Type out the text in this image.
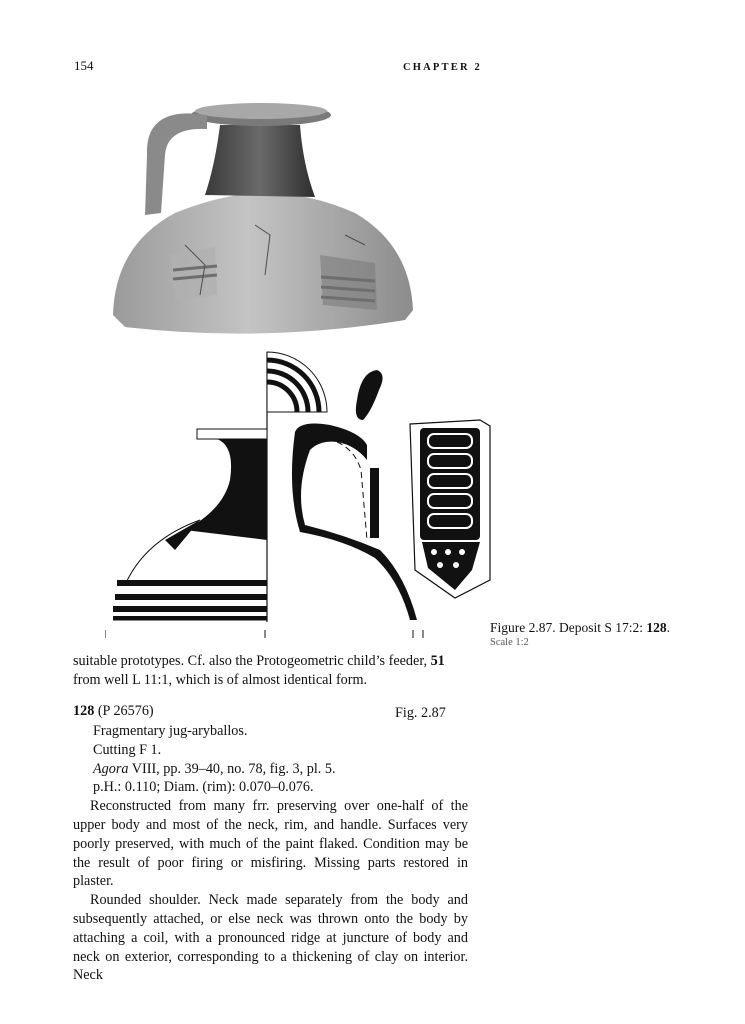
154	CHAPTER 2
Figure 2.87. Deposit S 17:2: 128.
Scale 1:2
suitable prototypes. Cf. also the Protogeometric child’s feeder, 51 from well L 11:1, which is of almost identical form.
128 (P 26576)	Fig. 2.87
Fragmentary jug-aryballos.
Cutting F 1.
Agora VIII, pp. 39–40, no. 78, fig. 3, pl. 5.
p.H.: 0.110; Diam. (rim): 0.070–0.076.

Reconstructed from many frr. preserving over one-half of the upper body and most of the neck, rim, and handle. Surfaces very poorly preserved, with much of the paint flaked. Condition may be the result of poor firing or misfiring. Missing parts restored in plaster.

Rounded shoulder. Neck made separately from the body and subsequently attached, or else neck was thrown onto the body by attaching a coil, with a pronounced ridge at juncture of body and neck on exterior, corresponding to a thickening of clay on interior. Neck
